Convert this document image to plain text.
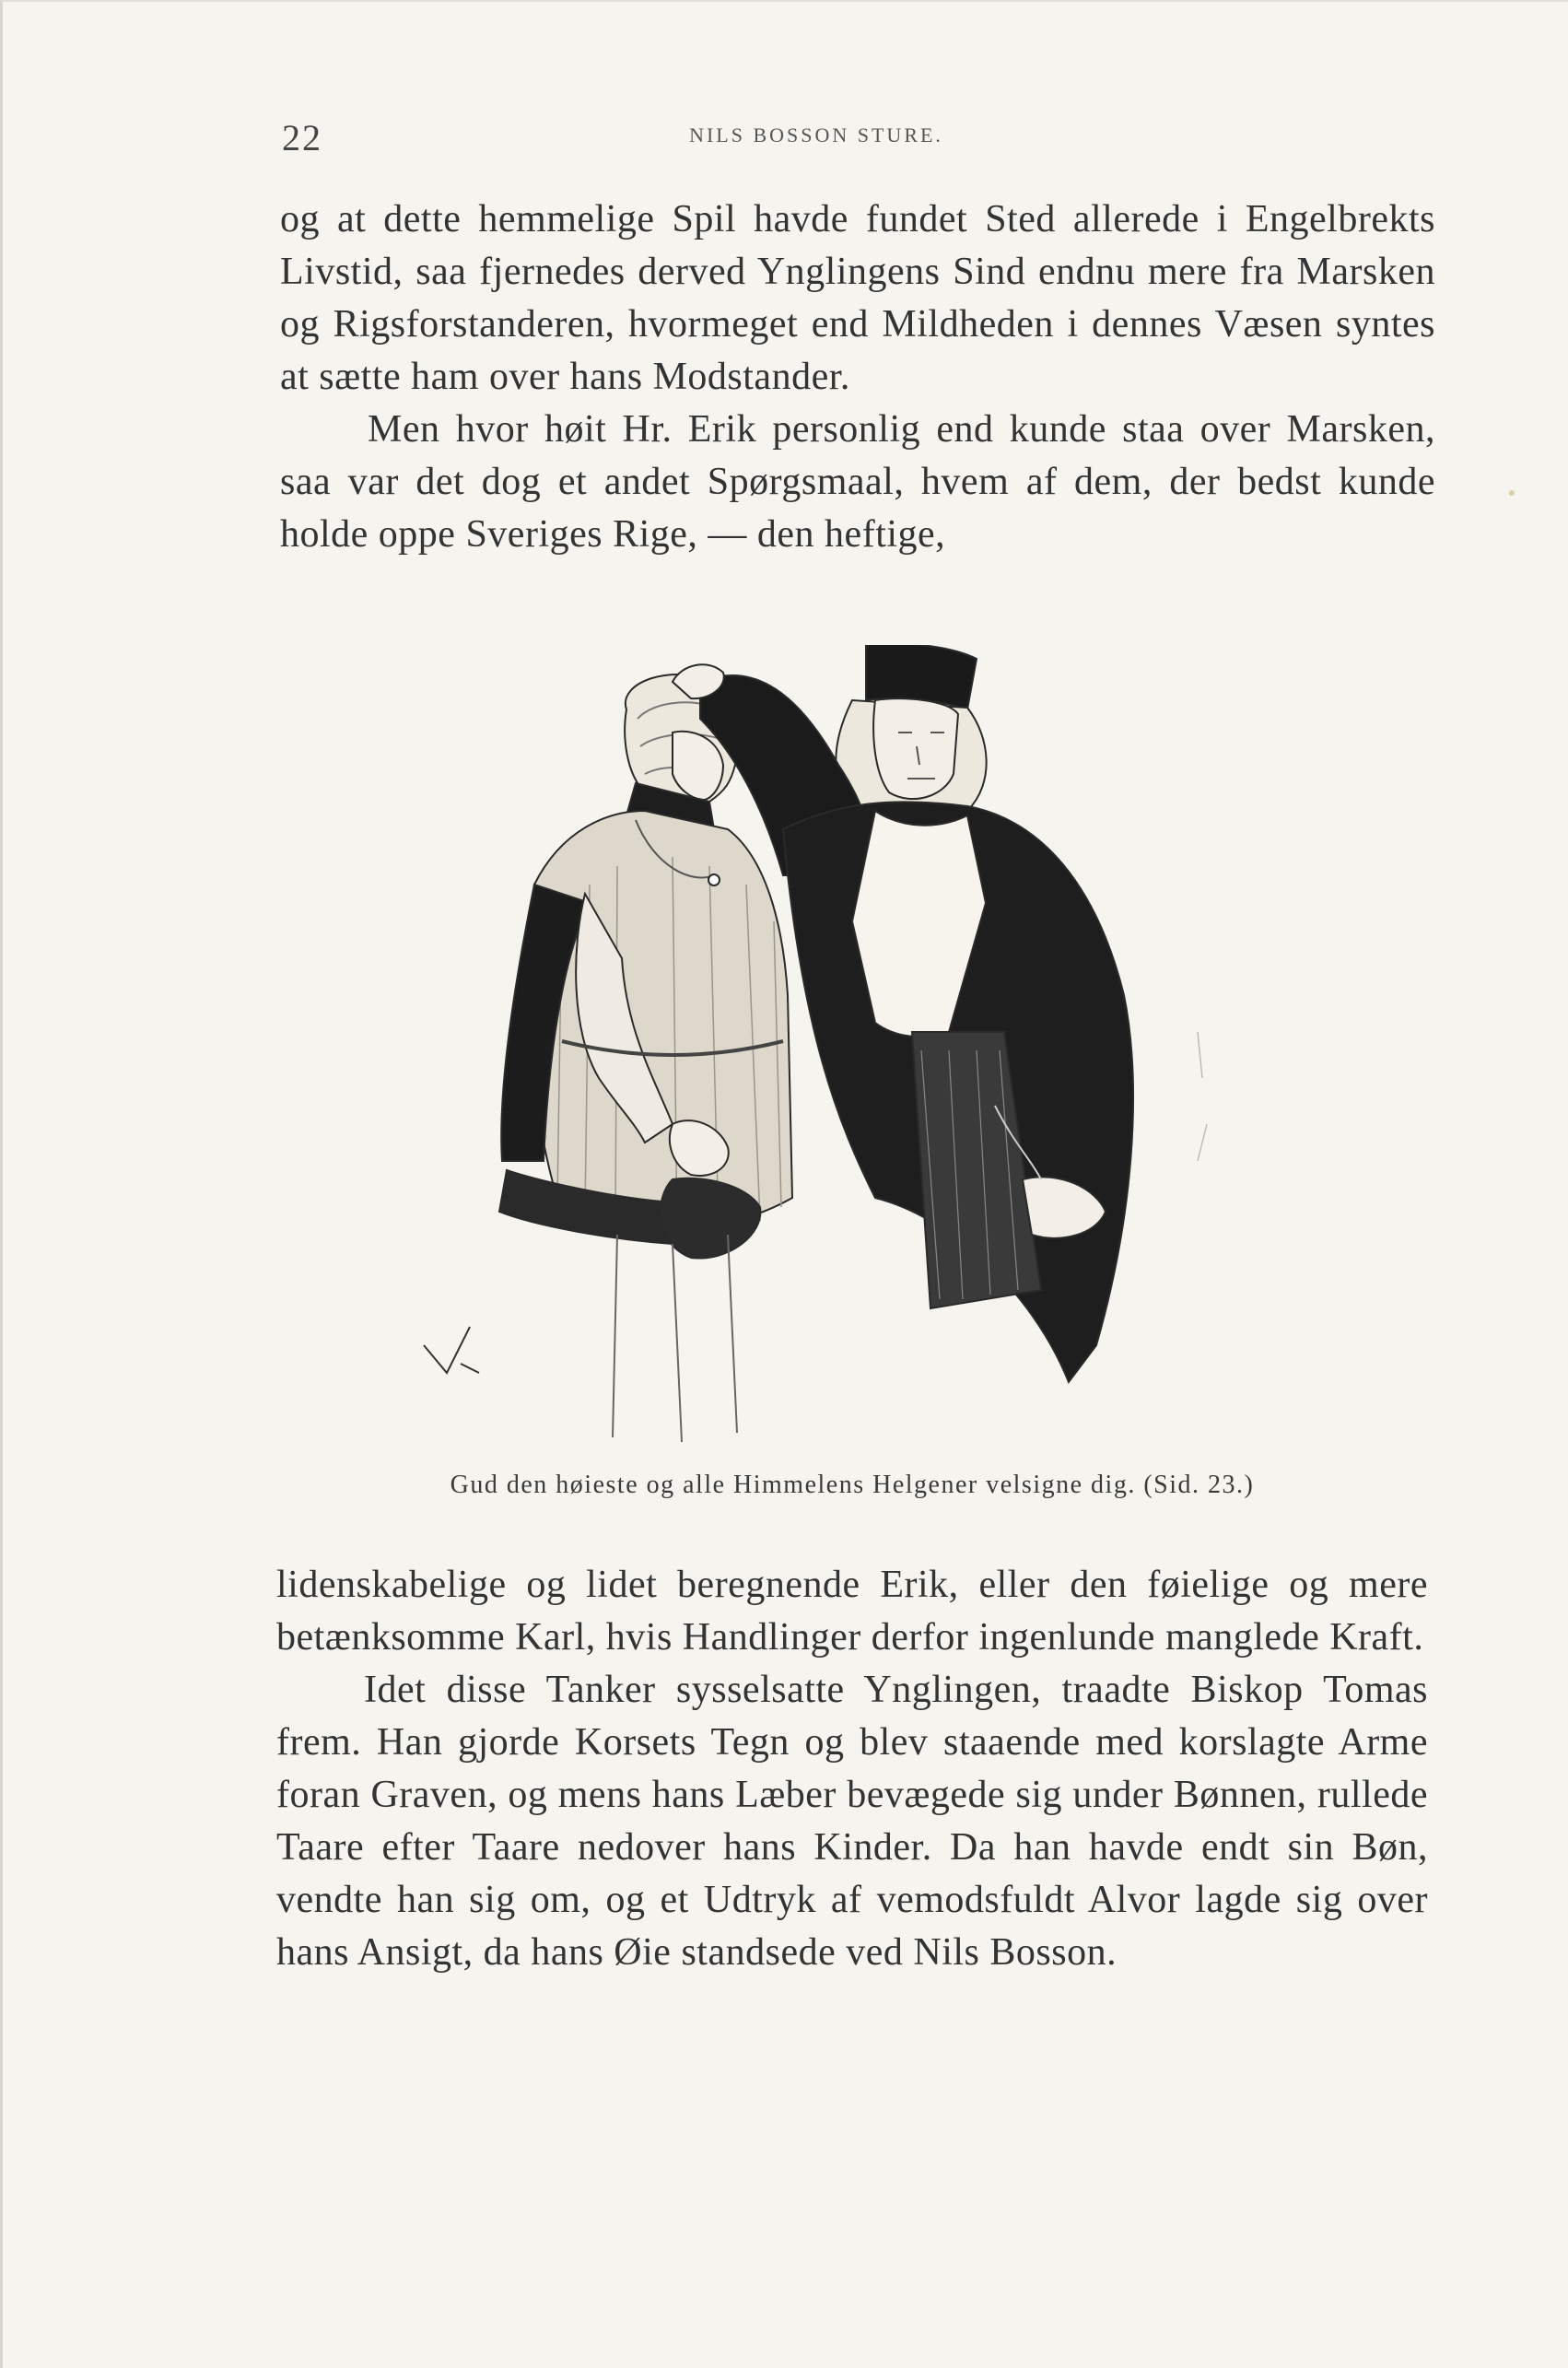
22	NILS BOSSON STURE.

og at dette hemmelige Spil havde fundet Sted allerede i Engelbrekts Livstid, saa fjernedes derved Ynglingens Sind endnu mere fra Marsken og Rigsforstanderen, hvormeget end Mildheden i dennes Væsen syntes at sætte ham over hans Modstander.

Men hvor høit Hr. Erik personlig end kunde staa over Marsken, saa var det dog et andet Spørgsmaal, hvem af dem, der bedst kunde holde oppe Sveriges Rige, — den heftige,

Gud den høieste og alle Himmelens Helgener velsigne dig. (Sid. 23.)

lidenskabelige og lidet beregnende Erik, eller den føielige og mere betænksomme Karl, hvis Handlinger derfor ingenlunde manglede Kraft.

Idet disse Tanker sysselsatte Ynglingen, traadte Biskop Tomas frem. Han gjorde Korsets Tegn og blev staaende med korslagte Arme foran Graven, og mens hans Læber bevægede sig under Bønnen, rullede Taare efter Taare nedover hans Kinder. Da han havde endt sin Bøn, vendte han sig om, og et Udtryk af vemodsfuldt Alvor lagde sig over hans Ansigt, da hans Øie standsede ved Nils Bosson.
